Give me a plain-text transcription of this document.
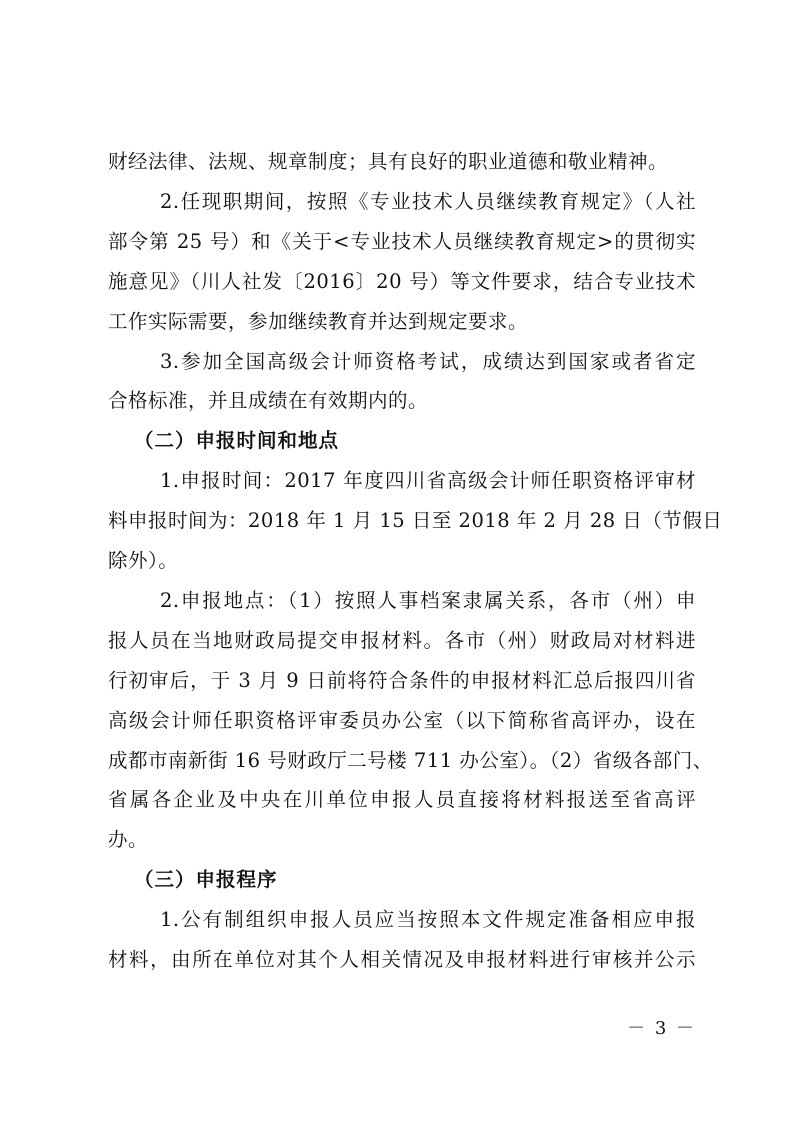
财经法律、法规、规章制度；具有良好的职业道德和敬业精神。
2.任现职期间，按照《专业技术人员继续教育规定》（人社
部令第 25 号）和《关于<专业技术人员继续教育规定>的贯彻实
施意见》（川人社发〔2016〕20 号）等文件要求，结合专业技术
工作实际需要，参加继续教育并达到规定要求。
3.参加全国高级会计师资格考试，成绩达到国家或者省定
合格标准，并且成绩在有效期内的。
（二）申报时间和地点
1.申报时间：2017 年度四川省高级会计师任职资格评审材
料申报时间为：2018 年 1 月 15 日至 2018 年 2 月 28 日（节假日
除外）。
2.申报地点：（1）按照人事档案隶属关系，各市（州）申
报人员在当地财政局提交申报材料。各市（州）财政局对材料进
行初审后，于 3 月 9 日前将符合条件的申报材料汇总后报四川省
高级会计师任职资格评审委员办公室（以下简称省高评办，设在
成都市南新街 16 号财政厅二号楼 711 办公室）。（2）省级各部门、
省属各企业及中央在川单位申报人员直接将材料报送至省高评
办。
（三）申报程序
1.公有制组织申报人员应当按照本文件规定准备相应申报
材料，由所在单位对其个人相关情况及申报材料进行审核并公示
－ 3 －
